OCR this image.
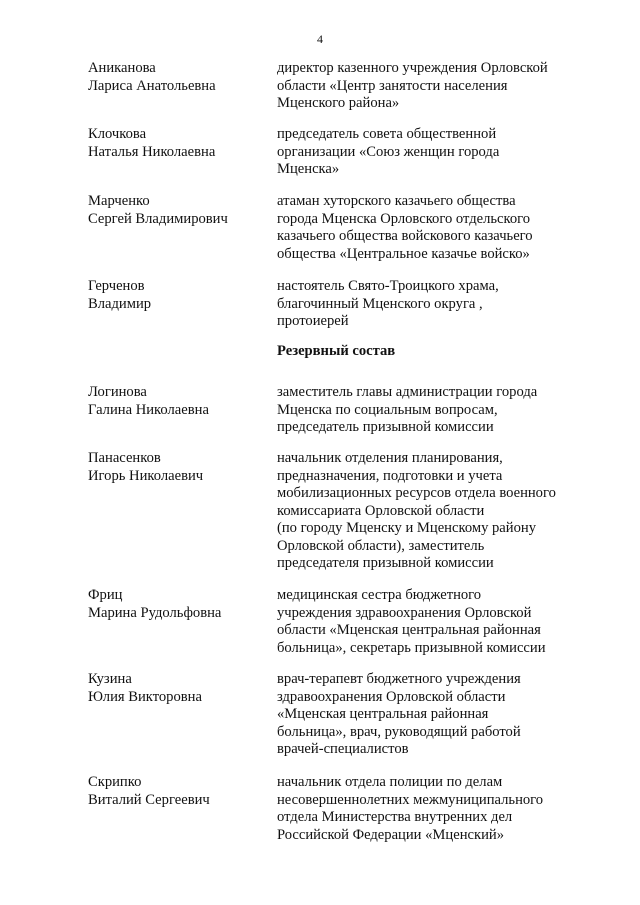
4
Аниканова
Лариса Анатольевна
директор казенного учреждения Орловской
области «Центр занятости населения
Мценского района»
Клочкова
Наталья Николаевна
председатель совета общественной
организации «Союз женщин города
Мценска»
Марченко
Сергей Владимирович
атаман хуторского казачьего общества
города Мценска Орловского отдельского
казачьего общества войскового казачьего
общества «Центральное казачье войско»
Герченов
Владимир
настоятель Свято-Троицкого храма,
благочинный Мценского округа ,
протоиерей
Резервный состав
Логинова
Галина Николаевна
заместитель главы администрации города
Мценска по социальным вопросам,
председатель призывной комиссии
Панасенков
Игорь Николаевич
начальник отделения планирования,
предназначения, подготовки и учета
мобилизационных ресурсов отдела военного
комиссариата Орловской области
(по городу Мценску и Мценскому району
Орловской области), заместитель
председателя призывной комиссии
Фриц
Марина Рудольфовна
медицинская сестра бюджетного
учреждения здравоохранения Орловской
области «Мценская центральная районная
больница», секретарь призывной комиссии
Кузина
Юлия Викторовна
врач-терапевт бюджетного учреждения
здравоохранения Орловской области
«Мценская центральная районная
больница», врач, руководящий работой
врачей-специалистов
Скрипко
Виталий Сергеевич
начальник отдела полиции по делам
несовершеннолетних межмуниципального
отдела Министерства внутренних дел
Российской Федерации «Мценский»
